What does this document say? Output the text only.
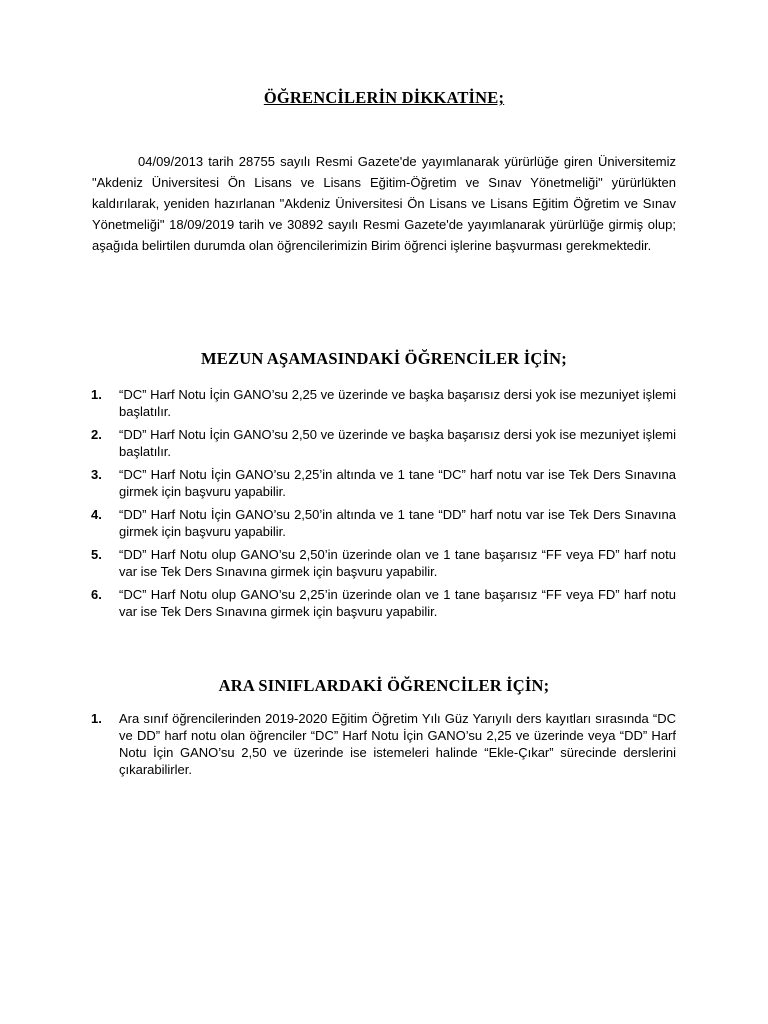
ÖĞRENCİLERİN DİKKATİNE;

04/09/2013 tarih 28755 sayılı Resmi Gazete'de yayımlanarak yürürlüğe giren Üniversitemiz "Akdeniz Üniversitesi Ön Lisans ve Lisans Eğitim-Öğretim ve Sınav Yönetmeliği" yürürlükten kaldırılarak, yeniden hazırlanan "Akdeniz Üniversitesi Ön Lisans ve Lisans Eğitim Öğretim ve Sınav Yönetmeliği" 18/09/2019 tarih ve 30892 sayılı Resmi Gazete'de yayımlanarak yürürlüğe girmiş olup; aşağıda belirtilen durumda olan öğrencilerimizin Birim öğrenci işlerine başvurması gerekmektedir.

MEZUN AŞAMASINDAKİ ÖĞRENCİLER İÇİN;
1.	“DC” Harf Notu İçin GANO’su 2,25 ve üzerinde ve başka başarısız dersi yok ise mezuniyet işlemi başlatılır.
2.	“DD” Harf Notu İçin GANO’su 2,50 ve üzerinde ve başka başarısız dersi yok ise mezuniyet işlemi başlatılır.
3.	“DC” Harf Notu İçin GANO’su 2,25’in altında ve 1 tane “DC” harf notu var ise Tek Ders Sınavına girmek için başvuru yapabilir.
4.	“DD” Harf Notu İçin GANO’su 2,50’in altında ve 1 tane “DD” harf notu var ise Tek Ders Sınavına girmek için başvuru yapabilir.
5.	“DD” Harf Notu olup GANO’su 2,50’in üzerinde olan ve 1 tane başarısız “FF veya FD” harf notu var ise Tek Ders Sınavına girmek için başvuru yapabilir.
6.	“DC” Harf Notu olup GANO’su 2,25’in üzerinde olan ve 1 tane başarısız “FF veya FD” harf notu var ise Tek Ders Sınavına girmek için başvuru yapabilir.
ARA SINIFLARDAKİ ÖĞRENCİLER İÇİN;
1.	Ara sınıf öğrencilerinden 2019-2020 Eğitim Öğretim Yılı Güz Yarıyılı ders kayıtları sırasında “DC ve DD” harf notu olan öğrenciler “DC” Harf Notu İçin GANO’su 2,25 ve üzerinde veya “DD” Harf Notu İçin GANO’su 2,50 ve üzerinde ise istemeleri halinde “Ekle-Çıkar” sürecinde derslerini çıkarabilirler.
